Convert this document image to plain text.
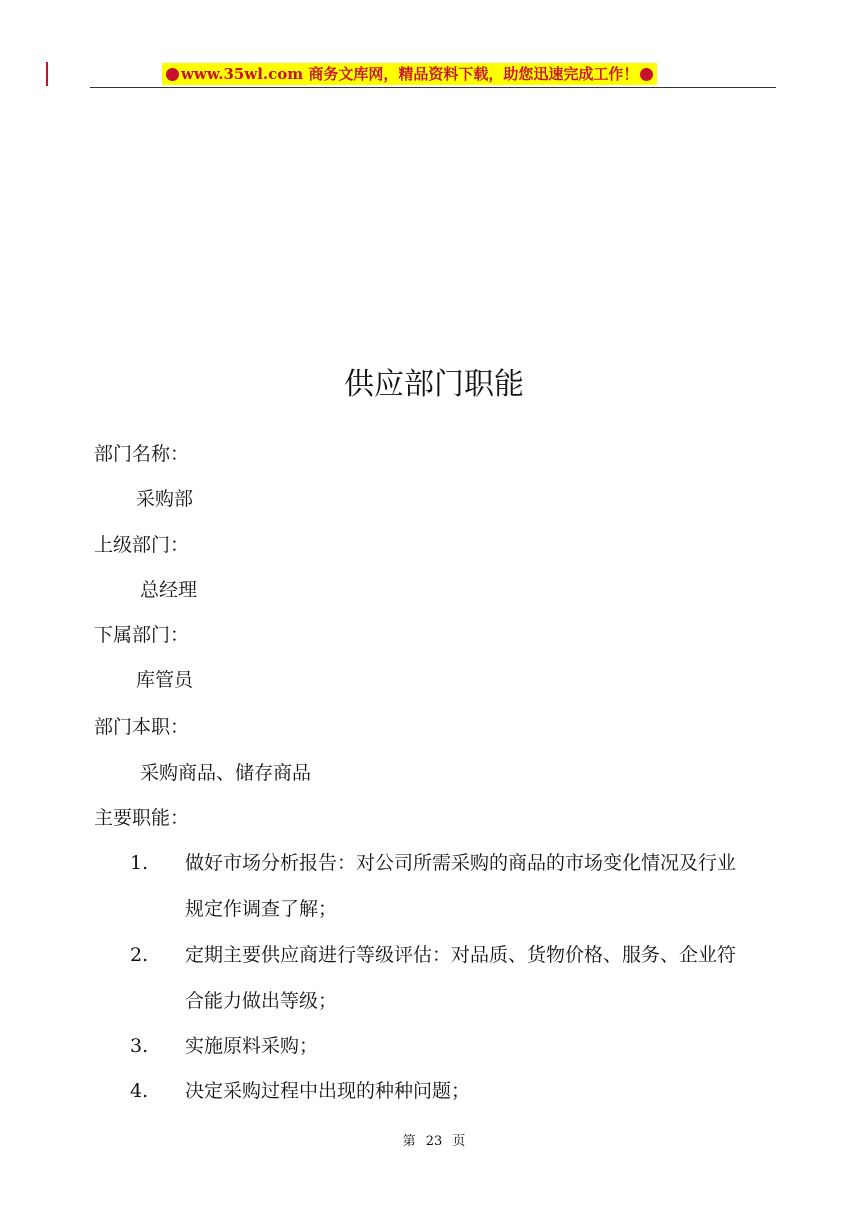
www.35wl.com 商务文库网，精品资料下载，助您迅速完成工作！
供应部门职能
部门名称：
采购部
上级部门：
总经理
下属部门：
库管员
部门本职：
采购商品、储存商品
主要职能：
1. 做好市场分析报告：对公司所需采购的商品的市场变化情况及行业
规定作调查了解；
2. 定期主要供应商进行等级评估：对品质、货物价格、服务、企业符
合能力做出等级；
3. 实施原料采购；
4. 决定采购过程中出现的种种问题；
第 23 页
